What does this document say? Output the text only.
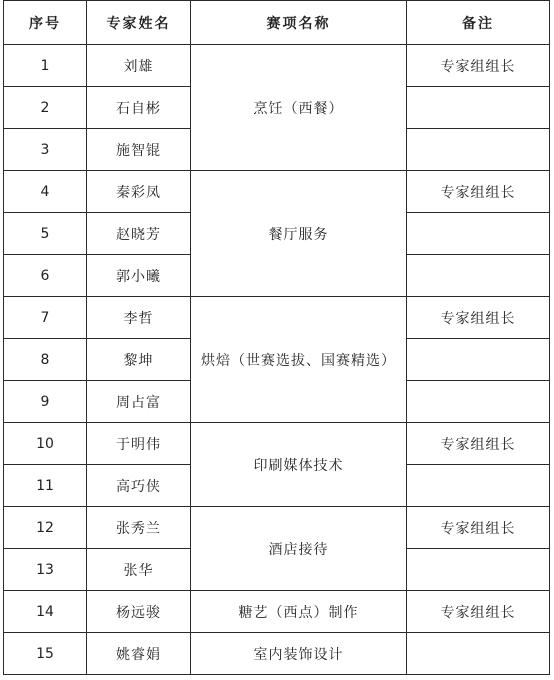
序号	专家姓名	赛项名称	备注
1	刘雄	烹饪（西餐）	专家组组长
2	石自彬		
3	施智锟		
4	秦彩凤	餐厅服务	专家组组长
5	赵晓芳		
6	郭小曦		
7	李哲	烘焙（世赛选拔、国赛精选）	专家组组长
8	黎坤		
9	周占富		
10	于明伟	印刷媒体技术	专家组组长
11	高巧侠		
12	张秀兰	酒店接待	专家组组长
13	张华		
14	杨远骏	糖艺（西点）制作	专家组组长
15	姚睿娟	室内装饰设计	
